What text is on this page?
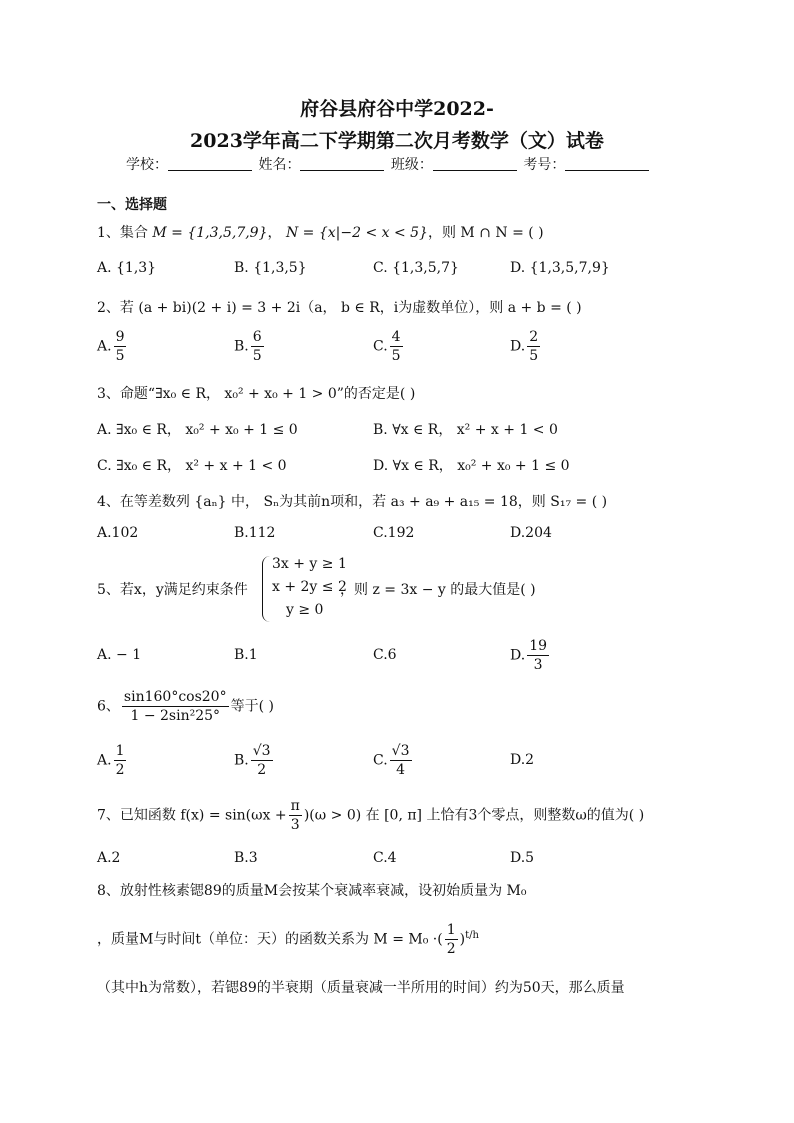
府谷县府谷中学2022-
2023学年高二下学期第二次月考数学（文）试卷
学校：	姓名：	班级：	考号：
一、选择题
1、集合 M = {1,3,5,7,9}， N = {x|−2 < x < 5}，则 M ∩ N = ( )
A. {1,3}	B. {1,3,5}	C. {1,3,5,7}	D. {1,3,5,7,9}
2、若 (a + bi)(2 + i) = 3 + 2i（a， b ∈ R，i为虚数单位），则 a + b = ( )
A. $\frac{9}{5}$	B. $\frac{6}{5}$	C. $\frac{4}{5}$	D. $\frac{2}{5}$
3、命题“∃x₀ ∈ R， x₀² + x₀ + 1 > 0”的否定是( )
A. ∃x₀ ∈ R， x₀² + x₀ + 1 ≤ 0	B. ∀x ∈ R， x² + x + 1 < 0
C. ∃x₀ ∈ R， x² + x + 1 < 0	D. ∀x ∈ R， x₀² + x₀ + 1 ≤ 0
4、在等差数列 {aₙ} 中， Sₙ为其前n项和，若 a₃ + a₉ + a₁₅ = 18，则 S₁₇ = ( )
A.102	B.112	C.192	D.204
5、若x，y满足约束条件
3x + y ≥ 1
x + 2y ≤ 2
y ≥ 0
，则 z = 3x − y 的最大值是( )
A. − 1	B.1	C.6	D. $\frac{19}{3}$
6、 $\frac{\sin 160^\circ\cos 20^\circ}{\text{1 − 2sin²25°}}$ 等于( )
A. $\frac{1}{2}$	B. $\frac{√3}{2}$	C. $\frac{√3}{4}$	D.2
7、已知函数 $f(x) = \sin(\omega x + \frac{\pi}{3} )(\omega > 0)$ 在 [0, π] 上恰有3个零点，则整数ω的值为( )
A.2	B.3	C.4	D.5
8、放射性核素锶89的质量M会按某个衰减率衰减，设初始质量为 M₀
，质量M与时间t（单位：天）的函数关系为 M = M₀ ·( $\frac{1}{2} )^{t/h}$
（其中h为常数），若锶89的半衰期（质量衰减一半所用的时间）约为50天，那么质量
